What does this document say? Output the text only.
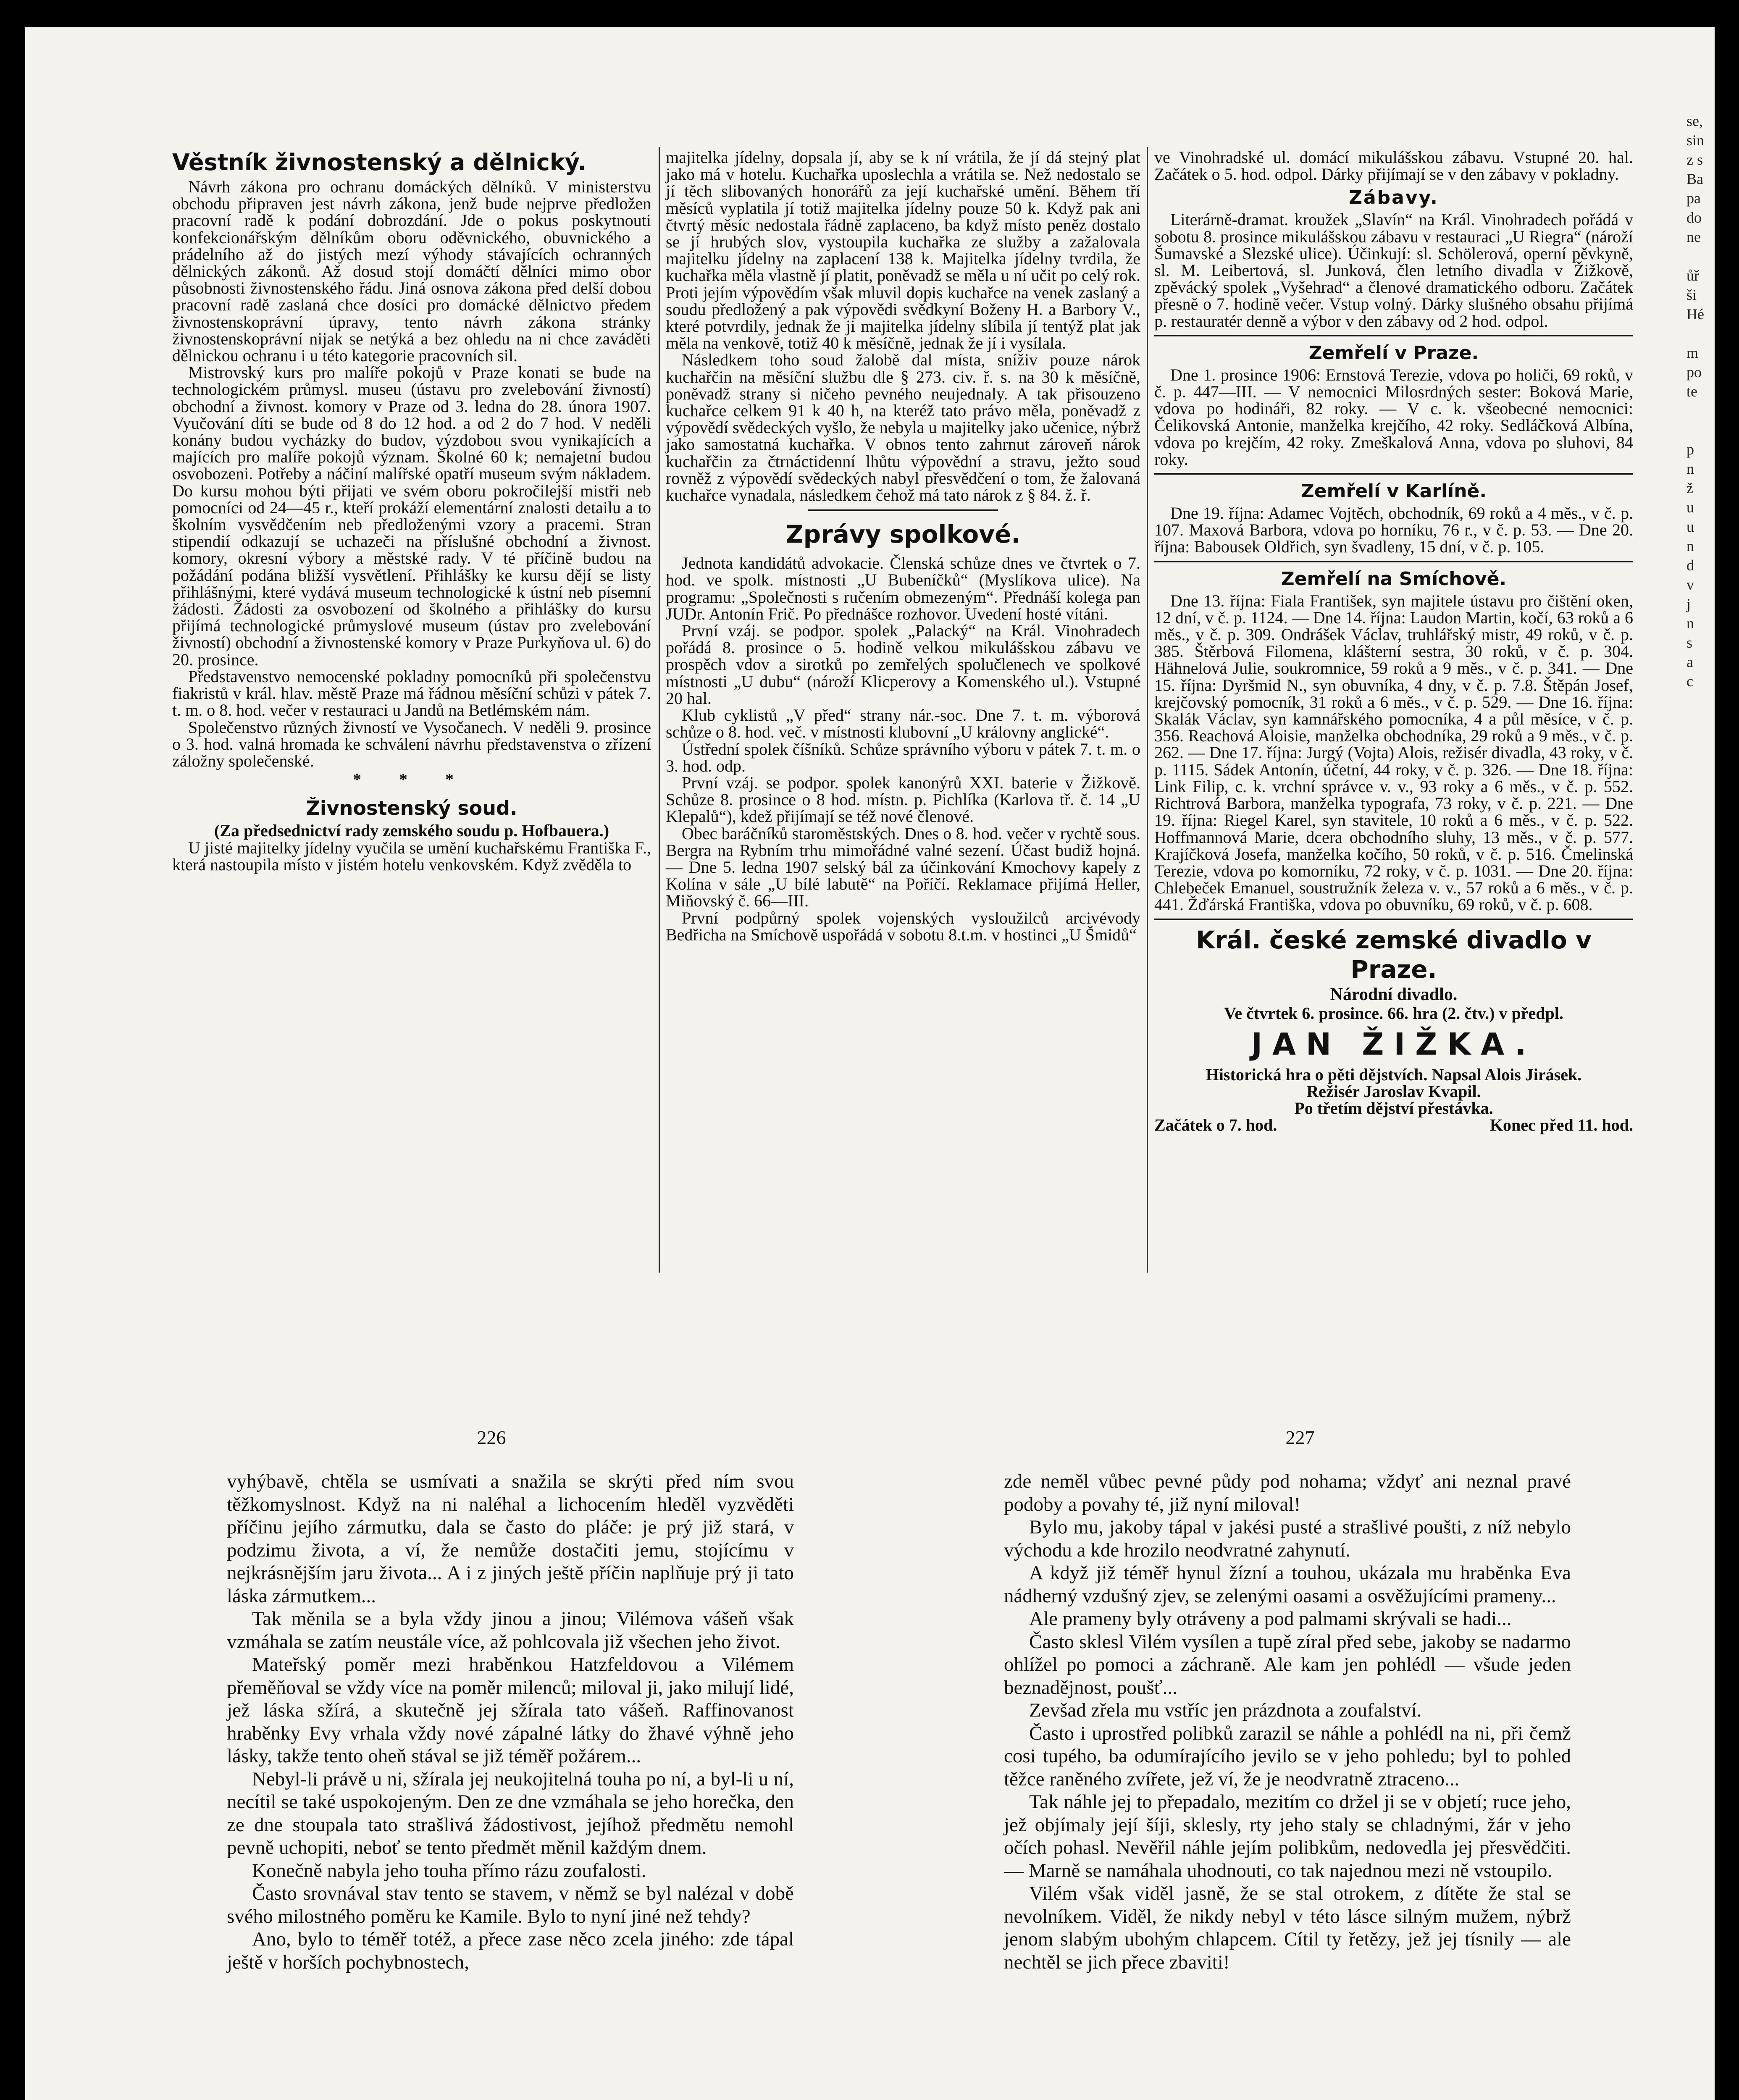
se,
sin
z s
Ba
pa
do
ne

ůř
ši
Hé

m
po
te

p
n
ž
u
u
n
d
v
j
n
s
a
c
Věstník živnostenský a dělnický.

Návrh zákona pro ochranu domáckých dělníků. V ministerstvu obchodu připraven jest návrh zákona, jenž bude nejprve předložen pracovní radě k podání dobrozdání. Jde o pokus poskytnouti konfekcionářským dělníkům oboru oděvnického, obuvnického a prádelního až do jistých mezí výhody stávajících ochranných dělnických zákonů. Až dosud stojí domáčtí dělníci mimo obor působnosti živnostenského řádu. Jiná osnova zákona před delší dobou pracovní radě zaslaná chce dosíci pro domácké dělnictvo předem živnostenskoprávní úpravy, tento návrh zákona stránky živnostenskoprávní nijak se netýká a bez ohledu na ni chce zaváděti dělnickou ochranu i u této kategorie pracovních sil.

Mistrovský kurs pro malíře pokojů v Praze konati se bude na technologickém průmysl. museu (ústavu pro zvelebování živností) obchodní a živnost. komory v Praze od 3. ledna do 28. února 1907. Vyučování díti se bude od 8 do 12 hod. a od 2 do 7 hod. V neděli konány budou vycházky do budov, výzdobou svou vynikajících a majících pro malíře pokojů význam. Školné 60 k; nemajetní budou osvobozeni. Potřeby a náčiní malířské opatří museum svým nákladem. Do kursu mohou býti přijati ve svém oboru pokročilejší mistři neb pomocníci od 24—45 r., kteří prokáží elementární znalosti detailu a to školním vysvědčením neb předloženými vzory a pracemi. Stran stipendií odkazují se uchazeči na příslušné obchodní a živnost. komory, okresní výbory a městské rady. V té příčině budou na požádání podána bližší vysvětlení. Přihlášky ke kursu dějí se listy přihlášnými, které vydává museum technologické k ústní neb písemní žádosti. Žádosti za osvobození od školného a přihlášky do kursu přijímá technologické průmyslové museum (ústav pro zvelebování živností) obchodní a živnostenské komory v Praze Purkyňova ul. 6) do 20. prosince.

Představenstvo nemocenské pokladny pomocníků při společenstvu fiakristů v král. hlav. městě Praze má řádnou měsíční schůzi v pátek 7. t. m. o 8. hod. večer v restauraci u Jandů na Betlémském nám.

Společenstvo různých živností ve Vysočanech. V neděli 9. prosince o 3. hod. valná hromada ke schválení návrhu představenstva o zřízení záložny společenské.

* * *
Živnostenský soud.
(Za předsednictví rady zemského soudu p. Hofbauera.)

U jisté majitelky jídelny vyučila se umění kuchařskému Františka F., která nastoupila místo v jistém hotelu venkovském. Když zvěděla to

majitelka jídelny, dopsala jí, aby se k ní vrátila, že jí dá stejný plat jako má v hotelu. Kuchařka uposlechla a vrátila se. Než nedostalo se jí těch slibovaných honorářů za její kuchařské umění. Během tří měsíců vyplatila jí totiž majitelka jídelny pouze 50 k. Když pak ani čtvrtý měsíc nedostala řádně zaplaceno, ba když místo peněz dostalo se jí hrubých slov, vystoupila kuchařka ze služby a zažalovala majitelku jídelny na zaplacení 138 k. Majitelka jídelny tvrdila, že kuchařka měla vlastně jí platit, poněvadž se měla u ní učit po celý rok. Proti jejím výpovědím však mluvil dopis kuchařce na venek zaslaný a soudu předložený a pak výpovědi svědkyní Boženy H. a Barbory V., které potvrdily, jednak že ji majitelka jídelny slíbila jí tentýž plat jak měla na venkově, totiž 40 k měsíčně, jednak že jí i vysílala.

Následkem toho soud žalobě dal místa, sníživ pouze nárok kuchařčin na měsíční službu dle § 273. civ. ř. s. na 30 k měsíčně, poněvadž strany si ničeho pevného neujednaly. A tak přisouzeno kuchařce celkem 91 k 40 h, na kteréž tato právo měla, poněvadž z výpovědí svědeckých vyšlo, že nebyla u majitelky jako učenice, nýbrž jako samostatná kuchařka. V obnos tento zahrnut zároveň nárok kuchařčin za čtrnáctidenní lhůtu výpovědní a stravu, ježto soud rovněž z výpovědí svědeckých nabyl přesvědčení o tom, že žalovaná kuchařce vynadala, následkem čehož má tato nárok z § 84. ž. ř.

Zprávy spolkové.

Jednota kandidátů advokacie. Členská schůze dnes ve čtvrtek o 7. hod. ve spolk. místnosti „U Bubeníčků“ (Myslíkova ulice). Na programu: „Společnosti s ručením obmezeným“. Přednáší kolega pan JUDr. Antonín Frič. Po přednášce rozhovor. Uvedení hosté vítáni.

První vzáj. se podpor. spolek „Palacký“ na Král. Vinohradech pořádá 8. prosince o 5. hodině velkou mikulášskou zábavu ve prospěch vdov a sirotků po zemřelých spolučlenech ve spolkové místnosti „U dubu“ (nároží Klicperovy a Komenského ul.). Vstupné 20 hal.

Klub cyklistů „V před“ strany nár.-soc. Dne 7. t. m. výborová schůze o 8. hod. več. v místnosti klubovní „U královny anglické“.

Ústřední spolek číšníků. Schůze správního výboru v pátek 7. t. m. o 3. hod. odp.

První vzáj. se podpor. spolek kanonýrů XXI. baterie v Žižkově. Schůze 8. prosince o 8 hod. místn. p. Pichlíka (Karlova tř. č. 14 „U Klepalů“), kdež přijímají se též nové členové.

Obec baráčníků staroměstských. Dnes o 8. hod. večer v rychtě sous. Bergra na Rybním trhu mimořádné valné sezení. Účast budiž hojná. — Dne 5. ledna 1907 selský bál za účinkování Kmochovy kapely z Kolína v sále „U bílé labutě“ na Poříčí. Reklamace přijímá Heller, Miňovský č. 66—III.

První podpůrný spolek vojenských vysloužilců arcivévody Bedřicha na Smíchově uspořádá v sobotu 8.t.m. v hostinci „U Šmidů“

ve Vinohradské ul. domácí mikulášskou zábavu. Vstupné 20. hal. Začátek o 5. hod. odpol. Dárky přijímají se v den zábavy v pokladny.

Zábavy.

Literárně-dramat. kroužek „Slavín“ na Král. Vinohradech pořádá v sobotu 8. prosince mikulášskou zábavu v restauraci „U Riegra“ (nároží Šumavské a Slezské ulice). Účinkují: sl. Schölerová, operní pěvkyně, sl. M. Leibertová, sl. Junková, člen letního divadla v Žižkově, zpěvácký spolek „Vyšehrad“ a členové dramatického odboru. Začátek přesně o 7. hodině večer. Vstup volný. Dárky slušného obsahu přijímá p. restauratér denně a výbor v den zábavy od 2 hod. odpol.

Zemřelí v Praze.

Dne 1. prosince 1906: Ernstová Terezie, vdova po holiči, 69 roků, v č. p. 447—III. — V nemocnici Milosrdných sester: Boková Marie, vdova po hodináři, 82 roky. — V c. k. všeobecné nemocnici: Čelikovská Antonie, manželka krejčího, 42 roky. Sedláčková Albína, vdova po krejčím, 42 roky. Zmeškalová Anna, vdova po sluhovi, 84 roky.

Zemřelí v Karlíně.

Dne 19. října: Adamec Vojtěch, obchodník, 69 roků a 4 měs., v č. p. 107. Maxová Barbora, vdova po horníku, 76 r., v č. p. 53. — Dne 20. října: Babousek Oldřich, syn švadleny, 15 dní, v č. p. 105.

Zemřelí na Smíchově.

Dne 13. října: Fiala František, syn majitele ústavu pro čištění oken, 12 dní, v č. p. 1124. — Dne 14. října: Laudon Martin, kočí, 63 roků a 6 měs., v č. p. 309. Ondrášek Václav, truhlářský mistr, 49 roků, v č. p. 385. Štěrbová Filomena, klášterní sestra, 30 roků, v č. p. 304. Hähnelová Julie, soukromnice, 59 roků a 9 měs., v č. p. 341. — Dne 15. října: Dyršmid N., syn obuvníka, 4 dny, v č. p. 7.8. Štěpán Josef, krejčovský pomocník, 31 roků a 6 měs., v č. p. 529. — Dne 16. října: Skalák Václav, syn kamnářského pomocníka, 4 a půl měsíce, v č. p. 356. Reachová Aloisie, manželka obchodníka, 29 roků a 9 měs., v č. p. 262. — Dne 17. října: Jurgý (Vojta) Alois, režisér divadla, 43 roky, v č. p. 1115. Sádek Antonín, účetní, 44 roky, v č. p. 326. — Dne 18. října: Link Filip, c. k. vrchní správce v. v., 93 roky a 6 měs., v č. p. 552. Richtrová Barbora, manželka typografa, 73 roky, v č. p. 221. — Dne 19. října: Riegel Karel, syn stavitele, 10 roků a 6 měs., v č. p. 522. Hoffmannová Marie, dcera obchodního sluhy, 13 měs., v č. p. 577. Krajíčková Josefa, manželka kočího, 50 roků, v č. p. 516. Čmelinská Terezie, vdova po komorníku, 72 roky, v č. p. 1031. — Dne 20. října: Chlebeček Emanuel, soustružník železa v. v., 57 roků a 6 měs., v č. p. 441. Žďárská Františka, vdova po obuvníku, 69 roků, v č. p. 608.

Král. české zemské divadlo v Praze.
Národní divadlo.
Ve čtvrtek 6. prosince. 66. hra (2. čtv.) v předpl.
JAN ŽIŽKA.
Historická hra o pěti dějstvích. Napsal Alois Jirásek.
Režisér Jaroslav Kvapil.
Po třetím dějství přestávka.
Začátek o 7. hod.	Konec před 11. hod.
226	227

vyhýbavě, chtěla se usmívati a snažila se skrýti před ním svou těžkomyslnost. Když na ni naléhal a lichocením hleděl vyzvěděti příčinu jejího zármutku, dala se často do pláče: je prý již stará, v podzimu života, a ví, že nemůže dostačiti jemu, stojícímu v nejkrásnějším jaru života... A i z jiných ještě příčin naplňuje prý ji tato láska zármutkem...

Tak měnila se a byla vždy jinou a jinou; Vilémova vášeň však vzmáhala se zatím neustále více, až pohlcovala již všechen jeho život.

Mateřský poměr mezi hraběnkou Hatzfeldovou a Vilémem přeměňoval se vždy více na poměr milenců; miloval ji, jako milují lidé, jež láska sžírá, a skutečně jej sžírala tato vášeň. Raffinovanost hraběnky Evy vrhala vždy nové zápalné látky do žhavé výhně jeho lásky, takže tento oheň stával se již téměř požárem...

Nebyl-li právě u ni, sžírala jej neukojitelná touha po ní, a byl-li u ní, necítil se také uspokojeným. Den ze dne vzmáhala se jeho horečka, den ze dne stoupala tato strašlivá žádostivost, jejíhož předmětu nemohl pevně uchopiti, neboť se tento předmět měnil každým dnem.

Konečně nabyla jeho touha přímo rázu zoufalosti.

Často srovnával stav tento se stavem, v němž se byl nalézal v době svého milostného poměru ke Kamile. Bylo to nyní jiné než tehdy?

Ano, bylo to téměř totéž, a přece zase něco zcela jiného: zde tápal ještě v horších pochybnostech,

zde neměl vůbec pevné půdy pod nohama; vždyť ani neznal pravé podoby a povahy té, již nyní miloval!

Bylo mu, jakoby tápal v jakési pusté a strašlivé poušti, z níž nebylo východu a kde hrozilo neodvratné zahynutí.

A když již téměř hynul žízní a touhou, ukázala mu hraběnka Eva nádherný vzdušný zjev, se zelenými oasami a osvěžujícími prameny...

Ale prameny byly otráveny a pod palmami skrývali se hadi...

Často sklesl Vilém vysílen a tupě zíral před sebe, jakoby se nadarmo ohlížel po pomoci a záchraně. Ale kam jen pohlédl — všude jeden beznadějnost, poušť...

Zevšad zřela mu vstříc jen prázdnota a zoufalství.

Často i uprostřed polibků zarazil se náhle a pohlédl na ni, při čemž cosi tupého, ba odumírajícího jevilo se v jeho pohledu; byl to pohled těžce raněného zvířete, jež ví, že je neodvratně ztraceno...

Tak náhle jej to přepadalo, mezitím co držel ji se v objetí; ruce jeho, jež objímaly její šíji, sklesly, rty jeho staly se chladnými, žár v jeho očích pohasl. Nevěřil náhle jejím polibkům, nedovedla jej přesvědčiti. — Marně se namáhala uhodnouti, co tak najednou mezi ně vstoupilo.

Vilém však viděl jasně, že se stal otrokem, z dítěte že stal se nevolníkem. Viděl, že nikdy nebyl v této lásce silným mužem, nýbrž jenom slabým ubohým chlapcem. Cítil ty řetězy, jež jej tísnily — ale nechtěl se jich přece zbaviti!
